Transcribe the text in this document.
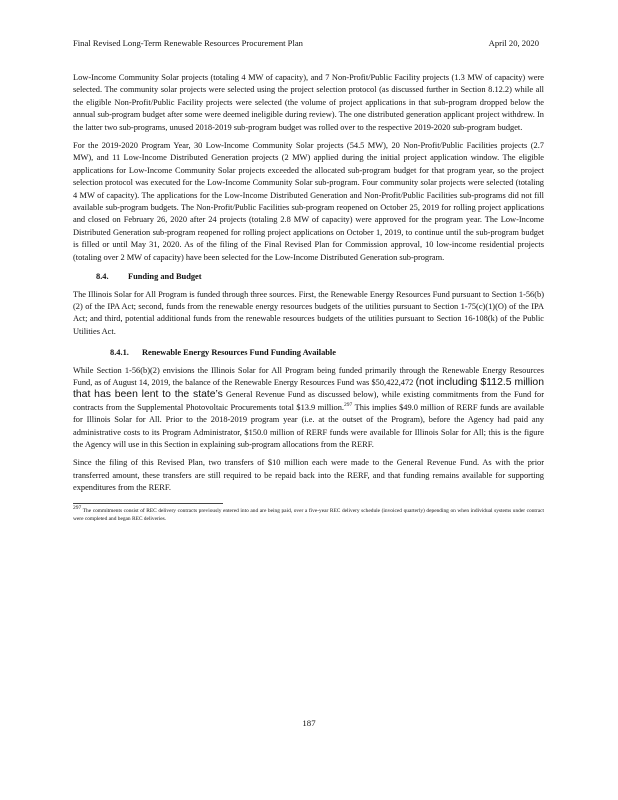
Final Revised Long-Term Renewable Resources Procurement Plan	April 20, 2020

Low-Income Community Solar projects (totaling 4 MW of capacity), and 7 Non-Profit/Public Facility projects (1.3 MW of capacity) were selected. The community solar projects were selected using the project selection protocol (as discussed further in Section 8.12.2) while all the eligible Non-Profit/Public Facility projects were selected (the volume of project applications in that sub-program dropped below the annual sub-program budget after some were deemed ineligible during review). The one distributed generation applicant project withdrew. In the latter two sub-programs, unused 2018-2019 sub-program budget was rolled over to the respective 2019-2020 sub-program budget.

For the 2019-2020 Program Year, 30 Low-Income Community Solar projects (54.5 MW), 20 Non-Profit/Public Facilities projects (2.7 MW), and 11 Low-Income Distributed Generation projects (2 MW) applied during the initial project application window. The eligible applications for Low-Income Community Solar projects exceeded the allocated sub-program budget for that program year, so the project selection protocol was executed for the Low-Income Community Solar sub-program. Four community solar projects were selected (totaling 4 MW of capacity). The applications for the Low-Income Distributed Generation and Non-Profit/Public Facilities sub-programs did not fill available sub-program budgets. The Non-Profit/Public Facilities sub-program reopened on October 25, 2019 for rolling project applications and closed on February 26, 2020 after 24 projects (totaling 2.8 MW of capacity) were approved for the program year. The Low-Income Distributed Generation sub-program reopened for rolling project applications on October 1, 2019, to continue until the sub-program budget is filled or until May 31, 2020. As of the filing of the Final Revised Plan for Commission approval, 10 low-income residential projects (totaling over 2 MW of capacity) have been selected for the Low-Income Distributed Generation sub-program.

8.4. Funding and Budget

The Illinois Solar for All Program is funded through three sources. First, the Renewable Energy Resources Fund pursuant to Section 1-56(b)(2) of the IPA Act; second, funds from the renewable energy resources budgets of the utilities pursuant to Section 1-75(c)(1)(O) of the IPA Act; and third, potential additional funds from the renewable resources budgets of the utilities pursuant to Section 16-108(k) of the Public Utilities Act.

8.4.1. Renewable Energy Resources Fund Funding Available

While Section 1-56(b)(2) envisions the Illinois Solar for All Program being funded primarily through the Renewable Energy Resources Fund, as of August 14, 2019, the balance of the Renewable Energy Resources Fund was $50,422,472 (not including $112.5 million that has been lent to the state’s General Revenue Fund as discussed below), while existing commitments from the Fund for contracts from the Supplemental Photovoltaic Procurements total $13.9 million.$^{297}$ This implies $49.0 million of RERF funds are available for Illinois Solar for All. Prior to the 2018-2019 program year (i.e. at the outset of the Program), before the Agency had paid any administrative costs to its Program Administrator, $150.0 million of RERF funds were available for Illinois Solar for All; this is the figure the Agency will use in this Section in explaining sub-program allocations from the RERF.

Since the filing of this Revised Plan, two transfers of $10 million each were made to the General Revenue Fund. As with the prior transferred amount, these transfers are still required to be repaid back into the RERF, and that funding remains available for supporting expenditures from the RERF.

$^{297}$ The commitments consist of REC delivery contracts previously entered into and are being paid, over a five-year REC delivery schedule (invoiced quarterly) depending on when individual systems under contract were completed and began REC deliveries.
187
